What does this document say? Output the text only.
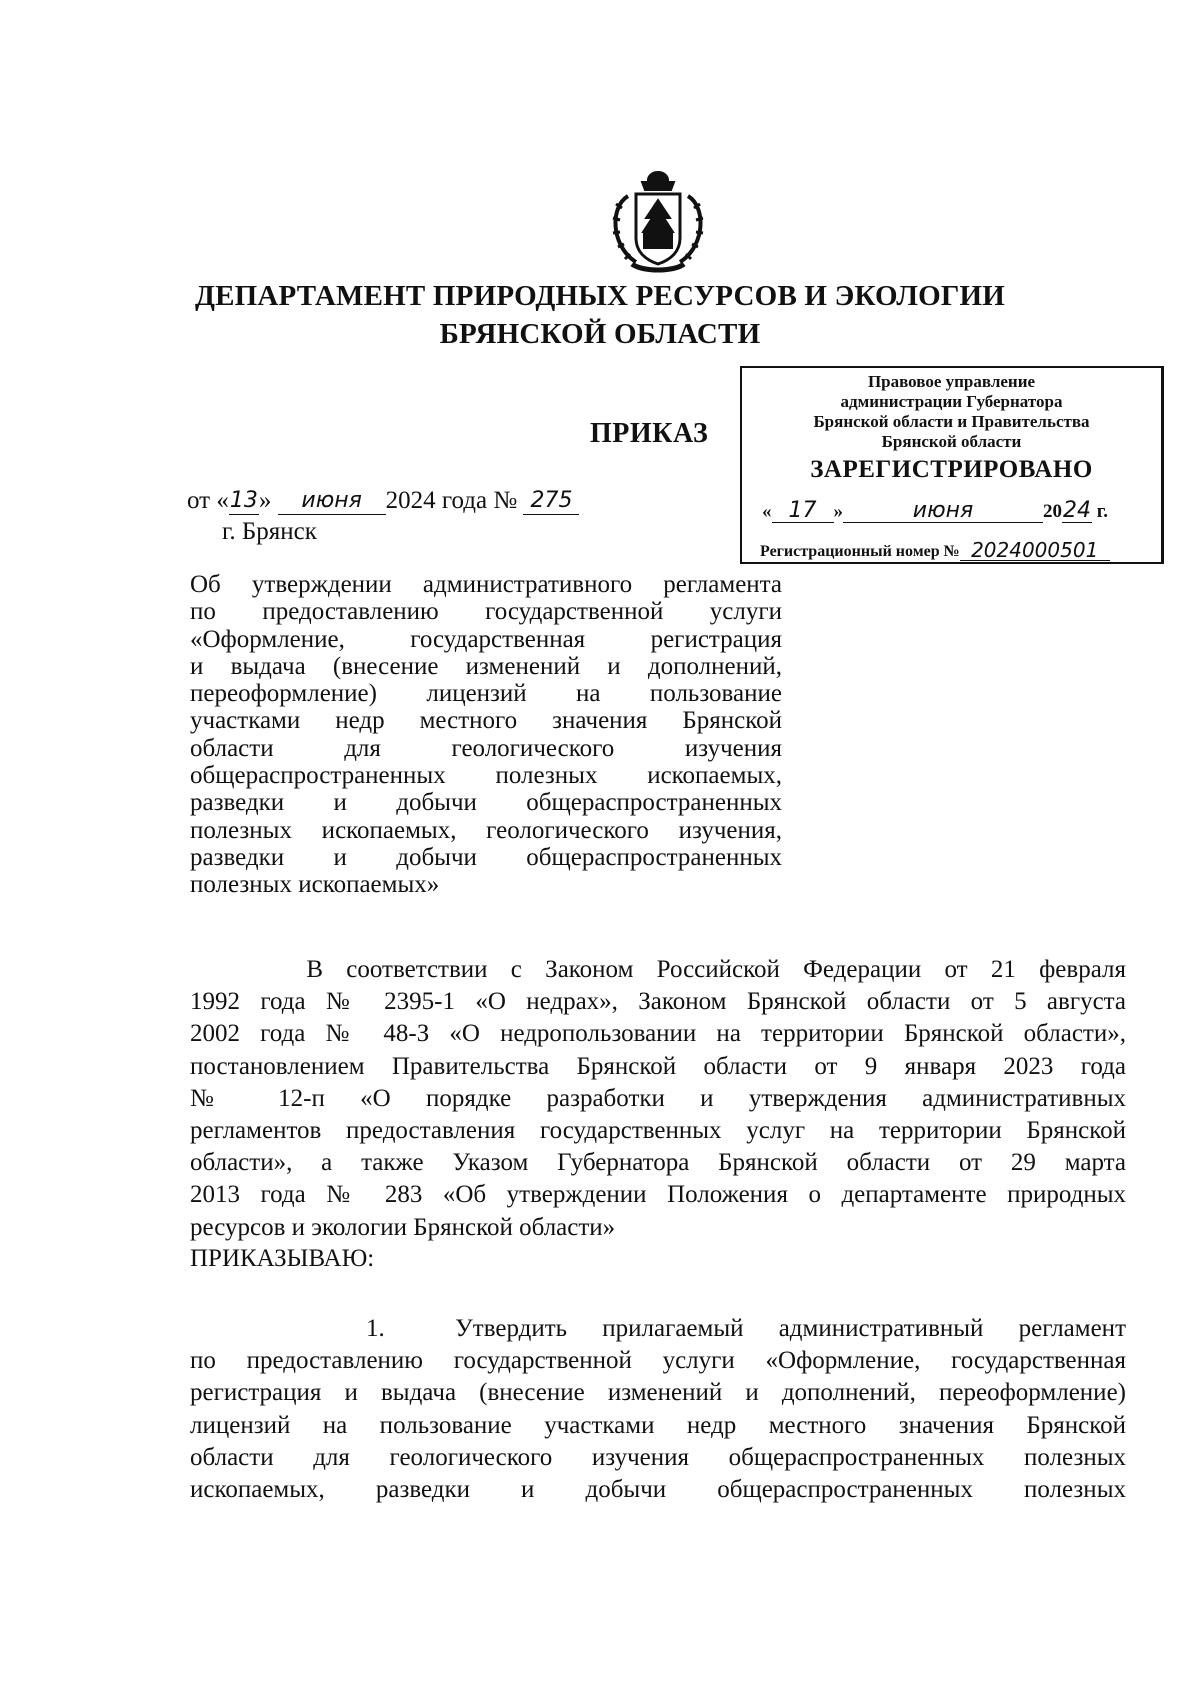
ДЕПАРТАМЕНТ ПРИРОДНЫХ РЕСУРСОВ И ЭКОЛОГИИ
БРЯНСКОЙ ОБЛАСТИ
ПРИКАЗ
от «13» июня 2024 года № 275
г. Брянск
Правовое управление
администрации Губернатора
Брянской области и Правительства
Брянской области
ЗАРЕГИСТРИРОВАНО
« 17 »	июня	2024 г.
Регистрационный номер № 2024000501
Об утверждении административного регламента
по предоставлению государственной услуги
«Оформление, государственная регистрация
и выдача (внесение изменений и дополнений,
переоформление) лицензий на пользование
участками недр местного значения Брянской
области для геологического изучения
общераспространенных полезных ископаемых,
разведки и добычи общераспространенных
полезных ископаемых, геологического изучения,
разведки и добычи общераспространенных
полезных ископаемых»
В соответствии с Законом Российской Федерации от 21 февраля
1992 года № 2395-1 «О недрах», Законом Брянской области от 5 августа
2002 года № 48-З «О недропользовании на территории Брянской области»,
постановлением Правительства Брянской области от 9 января 2023 года
№ 12-п «О порядке разработки и утверждения административных
регламентов предоставления государственных услуг на территории Брянской
области», а также Указом Губернатора Брянской области от 29 марта
2013 года № 283 «Об утверждении Положения о департаменте природных
ресурсов и экологии Брянской области»
ПРИКАЗЫВАЮ:
1.  Утвердить прилагаемый административный регламент
по предоставлению государственной услуги «Оформление, государственная
регистрация и выдача (внесение изменений и дополнений, переоформление)
лицензий на пользование участками недр местного значения Брянской
области для геологического изучения общераспространенных полезных
ископаемых, разведки и добычи общераспространенных полезных
